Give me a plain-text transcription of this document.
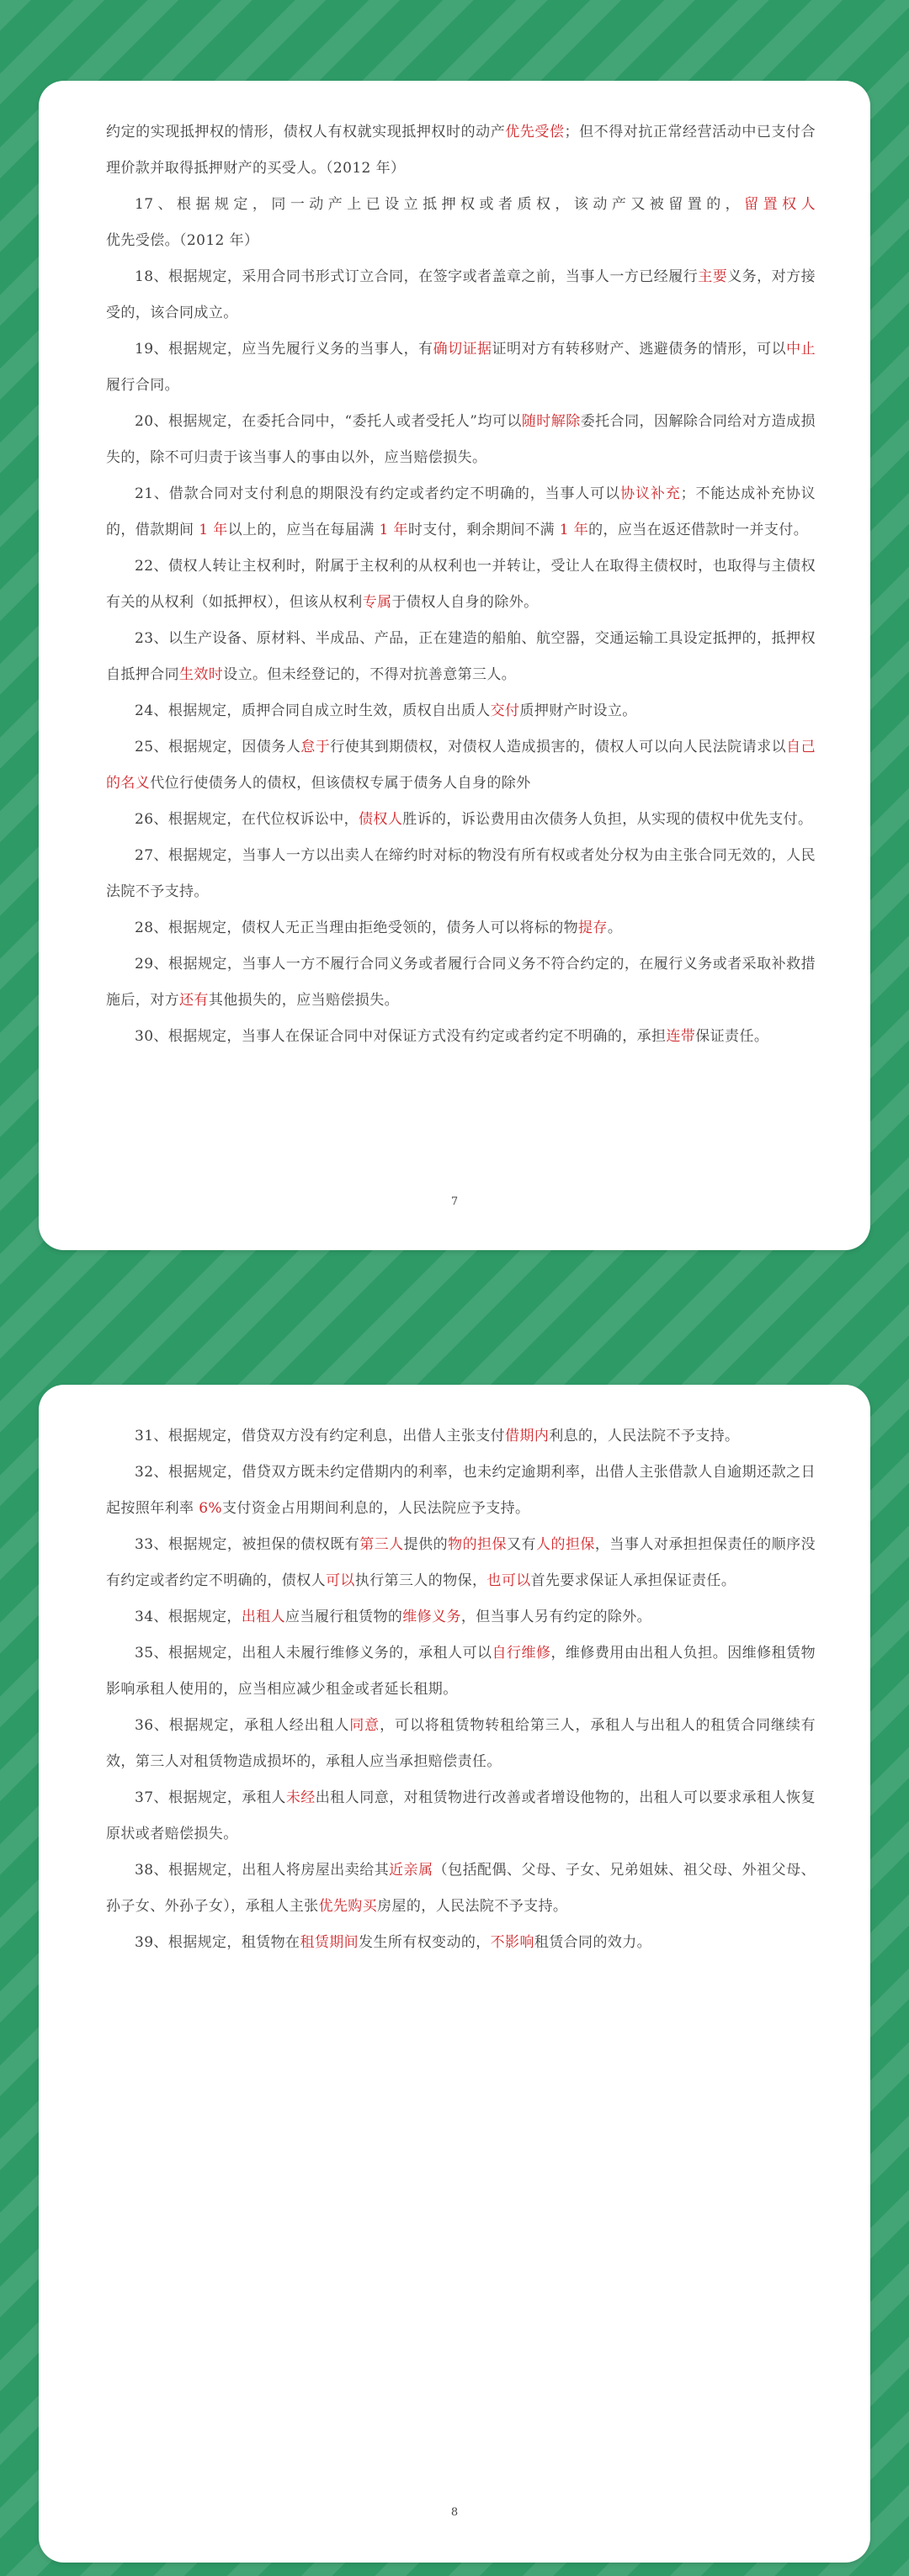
约定的实现抵押权的情形，债权人有权就实现抵押权时的动产优先受偿；但不得对抗正常经营活动中已支付合理价款并取得抵押财产的买受人。（2012 年）

17、根据规定，同一动产上已设立抵押权或者质权，该动产又被留置的，留置权人优先受偿。（2012 年）

18、根据规定，采用合同书形式订立合同，在签字或者盖章之前，当事人一方已经履行主要义务，对方接受的，该合同成立。

19、根据规定，应当先履行义务的当事人，有确切证据证明对方有转移财产、逃避债务的情形，可以中止履行合同。

20、根据规定，在委托合同中，“委托人或者受托人”均可以随时解除委托合同，因解除合同给对方造成损失的，除不可归责于该当事人的事由以外，应当赔偿损失。

21、借款合同对支付利息的期限没有约定或者约定不明确的，当事人可以协议补充；不能达成补充协议的，借款期间 1 年以上的，应当在每届满 1 年时支付，剩余期间不满 1 年的，应当在返还借款时一并支付。

22、债权人转让主权利时，附属于主权利的从权利也一并转让，受让人在取得主债权时，也取得与主债权有关的从权利（如抵押权），但该从权利专属于债权人自身的除外。

23、以生产设备、原材料、半成品、产品，正在建造的船舶、航空器，交通运输工具设定抵押的，抵押权自抵押合同生效时设立。但未经登记的，不得对抗善意第三人。

24、根据规定，质押合同自成立时生效，质权自出质人交付质押财产时设立。

25、根据规定，因债务人怠于行使其到期债权，对债权人造成损害的，债权人可以向人民法院请求以自己的名义代位行使债务人的债权，但该债权专属于债务人自身的除外

26、根据规定，在代位权诉讼中，债权人胜诉的，诉讼费用由次债务人负担，从实现的债权中优先支付。

27、根据规定，当事人一方以出卖人在缔约时对标的物没有所有权或者处分权为由主张合同无效的，人民法院不予支持。

28、根据规定，债权人无正当理由拒绝受领的，债务人可以将标的物提存。

29、根据规定，当事人一方不履行合同义务或者履行合同义务不符合约定的，在履行义务或者采取补救措施后，对方还有其他损失的，应当赔偿损失。

30、根据规定，当事人在保证合同中对保证方式没有约定或者约定不明确的，承担连带保证责任。

7

31、根据规定，借贷双方没有约定利息，出借人主张支付借期内利息的，人民法院不予支持。

32、根据规定，借贷双方既未约定借期内的利率，也未约定逾期利率，出借人主张借款人自逾期还款之日起按照年利率 6%支付资金占用期间利息的，人民法院应予支持。

33、根据规定，被担保的债权既有第三人提供的物的担保又有人的担保，当事人对承担担保责任的顺序没有约定或者约定不明确的，债权人可以执行第三人的物保，也可以首先要求保证人承担保证责任。

34、根据规定，出租人应当履行租赁物的维修义务，但当事人另有约定的除外。

35、根据规定，出租人未履行维修义务的，承租人可以自行维修，维修费用由出租人负担。因维修租赁物影响承租人使用的，应当相应减少租金或者延长租期。

36、根据规定，承租人经出租人同意，可以将租赁物转租给第三人，承租人与出租人的租赁合同继续有效，第三人对租赁物造成损坏的，承租人应当承担赔偿责任。

37、根据规定，承租人未经出租人同意，对租赁物进行改善或者增设他物的，出租人可以要求承租人恢复原状或者赔偿损失。

38、根据规定，出租人将房屋出卖给其近亲属（包括配偶、父母、子女、兄弟姐妹、祖父母、外祖父母、孙子女、外孙子女），承租人主张优先购买房屋的，人民法院不予支持。

39、根据规定，租赁物在租赁期间发生所有权变动的，不影响租赁合同的效力。

8
